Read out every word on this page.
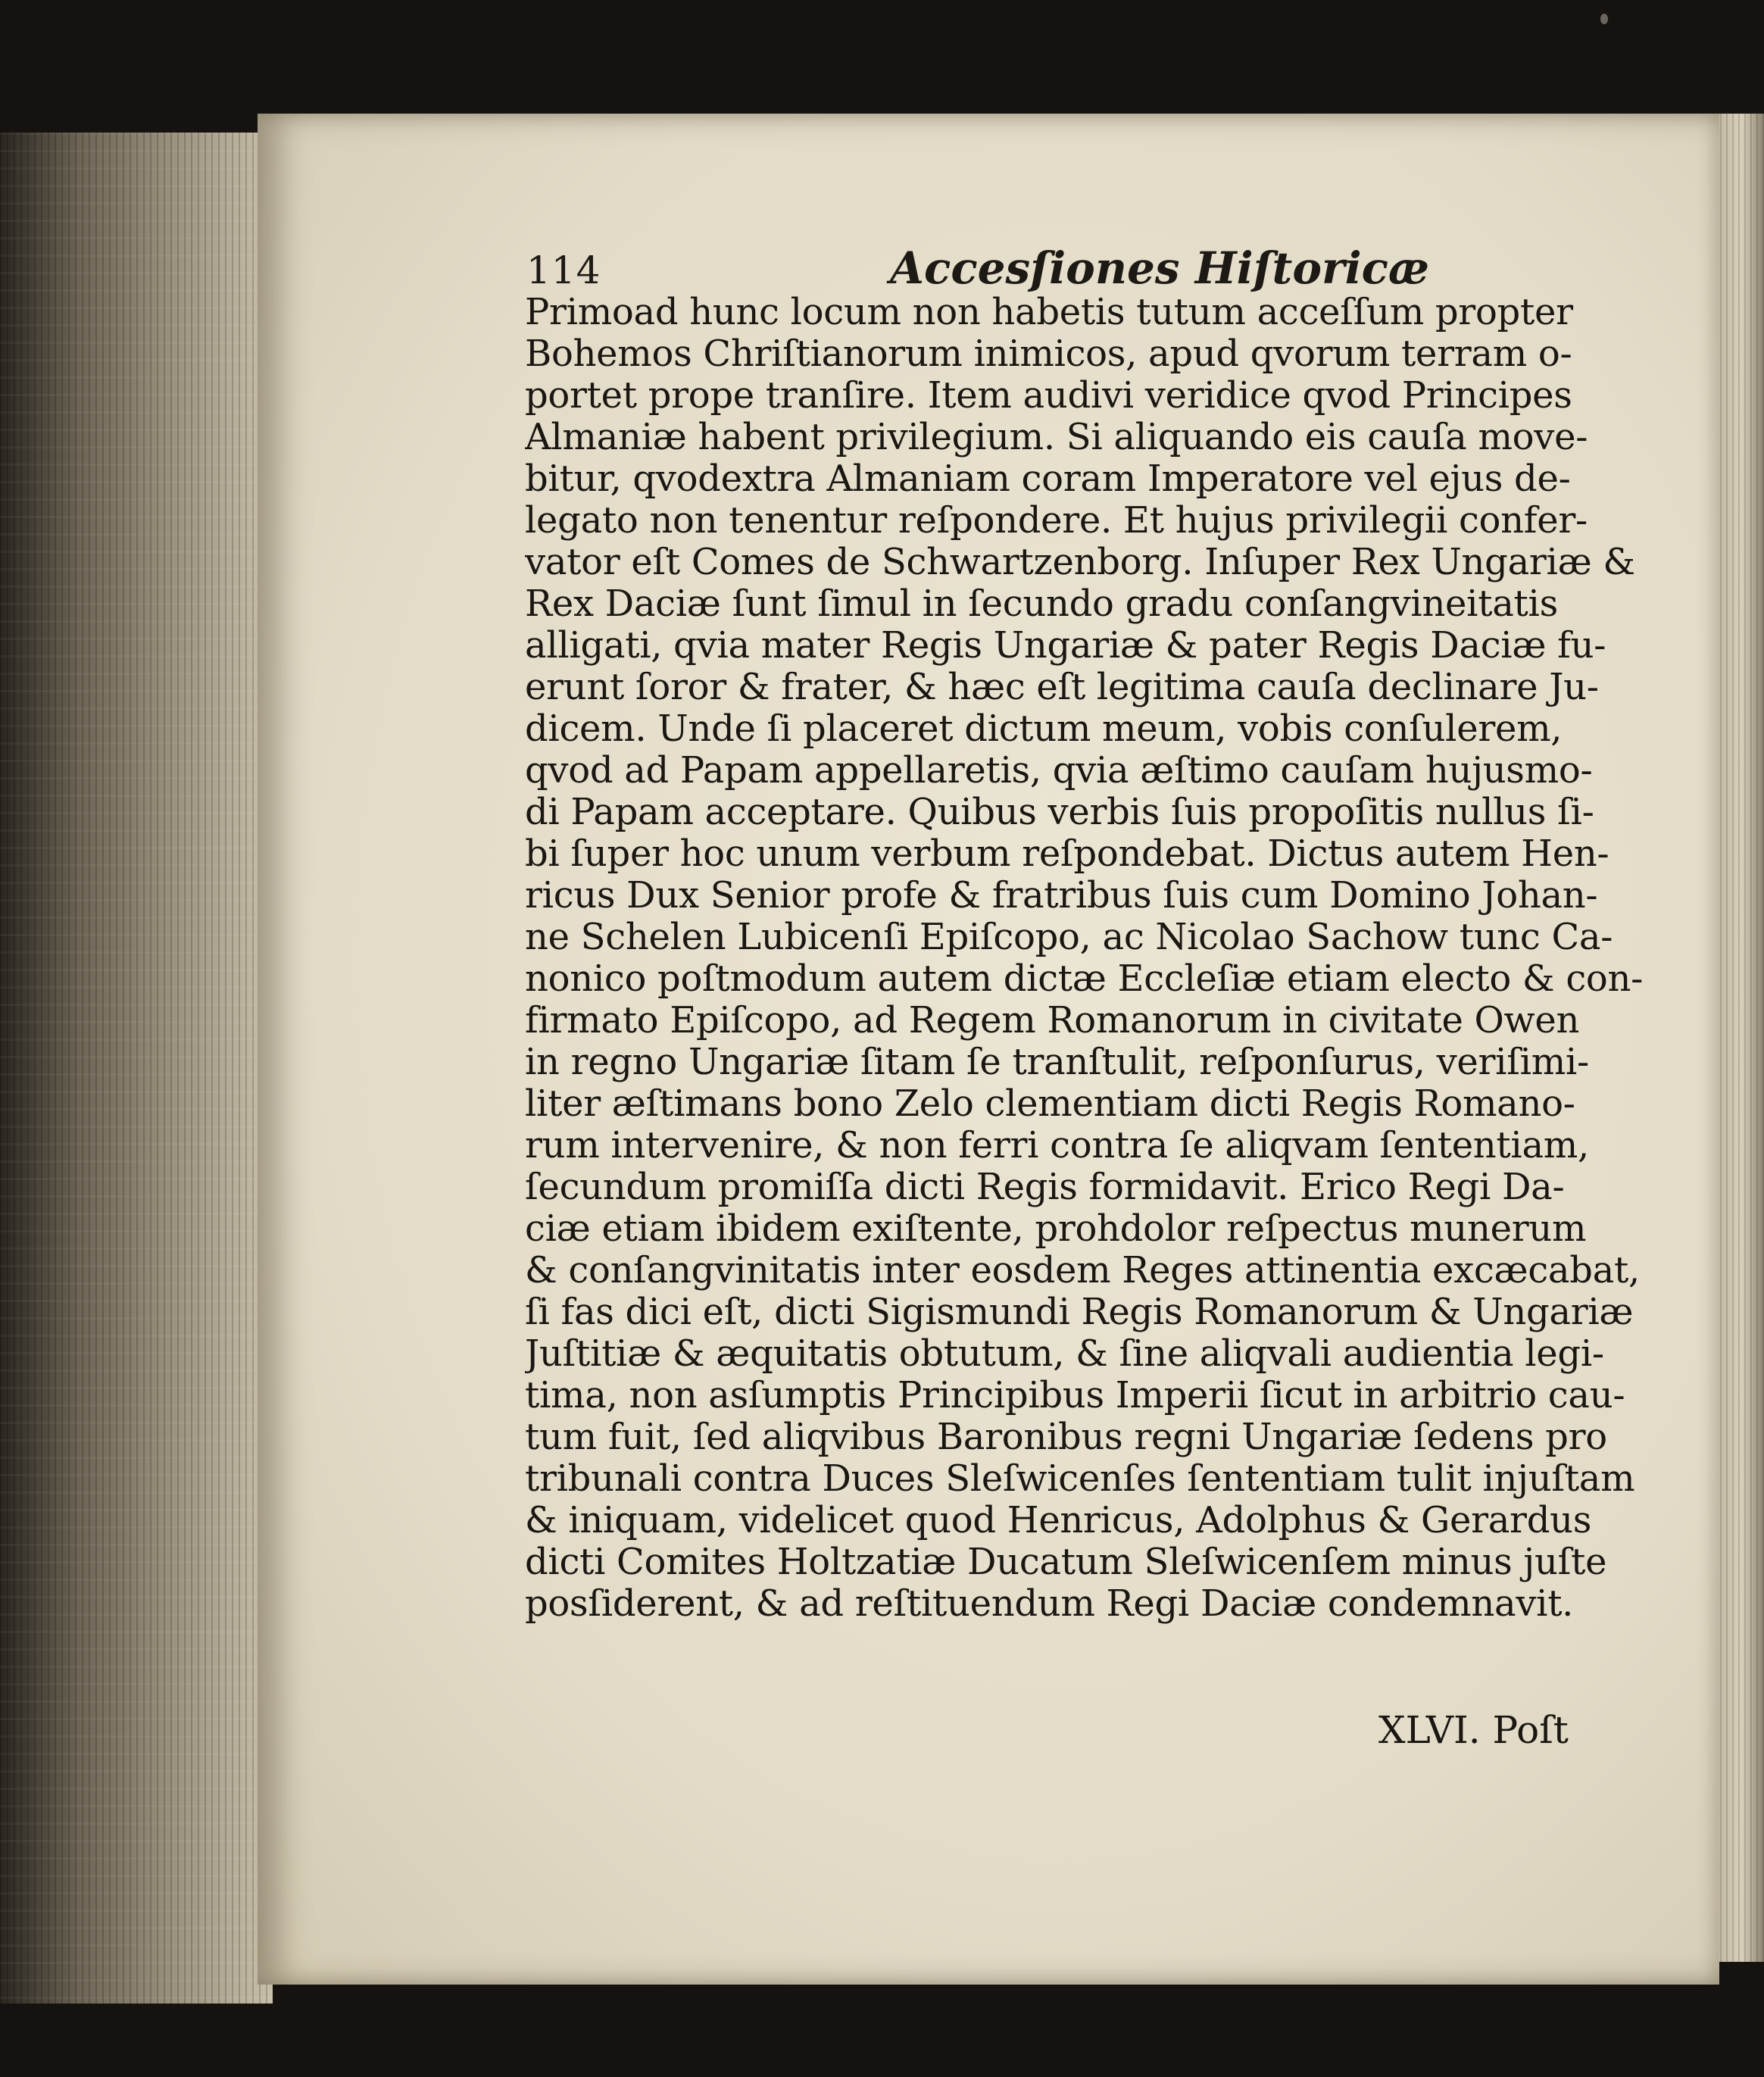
114	Accesſiones Hiſtoricæ
Primoad hunc locum non habetis tutum acceſſum propter
Bohemos Chriſtianorum inimicos, apud qvorum terram o-
portet prope tranſire. Item audivi veridice qvod Principes
Almaniæ habent privilegium. Si aliquando eis cauſa move-
bitur, qvodextra Almaniam coram Imperatore vel ejus de-
legato non tenentur reſpondere. Et hujus privilegii confer-
vator eſt Comes de Schwartzenborg. Inſuper Rex Ungariæ &
Rex Daciæ ſunt ſimul in ſecundo gradu conſangvineitatis
alligati, qvia mater Regis Ungariæ & pater Regis Daciæ fu-
erunt ſoror & frater, & hæc eſt legitima cauſa declinare Ju-
dicem. Unde ſi placeret dictum meum, vobis conſulerem,
qvod ad Papam appellaretis, qvia æſtimo cauſam hujusmo-
di Papam acceptare. Quibus verbis ſuis propoſitis nullus ſi-
bi ſuper hoc unum verbum reſpondebat. Dictus autem Hen-
ricus Dux Senior profe & fratribus ſuis cum Domino Johan-
ne Schelen Lubicenſi Epiſcopo, ac Nicolao Sachow tunc Ca-
nonico poſtmodum autem dictæ Eccleſiæ etiam electo & con-
firmato Epiſcopo, ad Regem Romanorum in civitate Owen
in regno Ungariæ ſitam ſe tranſtulit, reſponſurus, veriſimi-
liter æſtimans bono Zelo clementiam dicti Regis Romano-
rum intervenire, & non ferri contra ſe aliqvam ſententiam,
ſecundum promiſſa dicti Regis formidavit. Erico Regi Da-
ciæ etiam ibidem exiſtente, prohdolor reſpectus munerum
& conſangvinitatis inter eosdem Reges attinentia excæcabat,
ſi fas dici eſt, dicti Sigismundi Regis Romanorum & Ungariæ
Juſtitiæ & æquitatis obtutum, & ſine aliqvali audientia legi-
tima, non asſumptis Principibus Imperii ſicut in arbitrio cau-
tum fuit, ſed aliqvibus Baronibus regni Ungariæ ſedens pro
tribunali contra Duces Sleſwicenſes ſententiam tulit injuſtam
& iniquam, videlicet quod Henricus, Adolphus & Gerardus
dicti Comites Holtzatiæ Ducatum Sleſwicenſem minus juſte
posſiderent, & ad reſtituendum Regi Daciæ condemnavit.
XLVI. Poſt
